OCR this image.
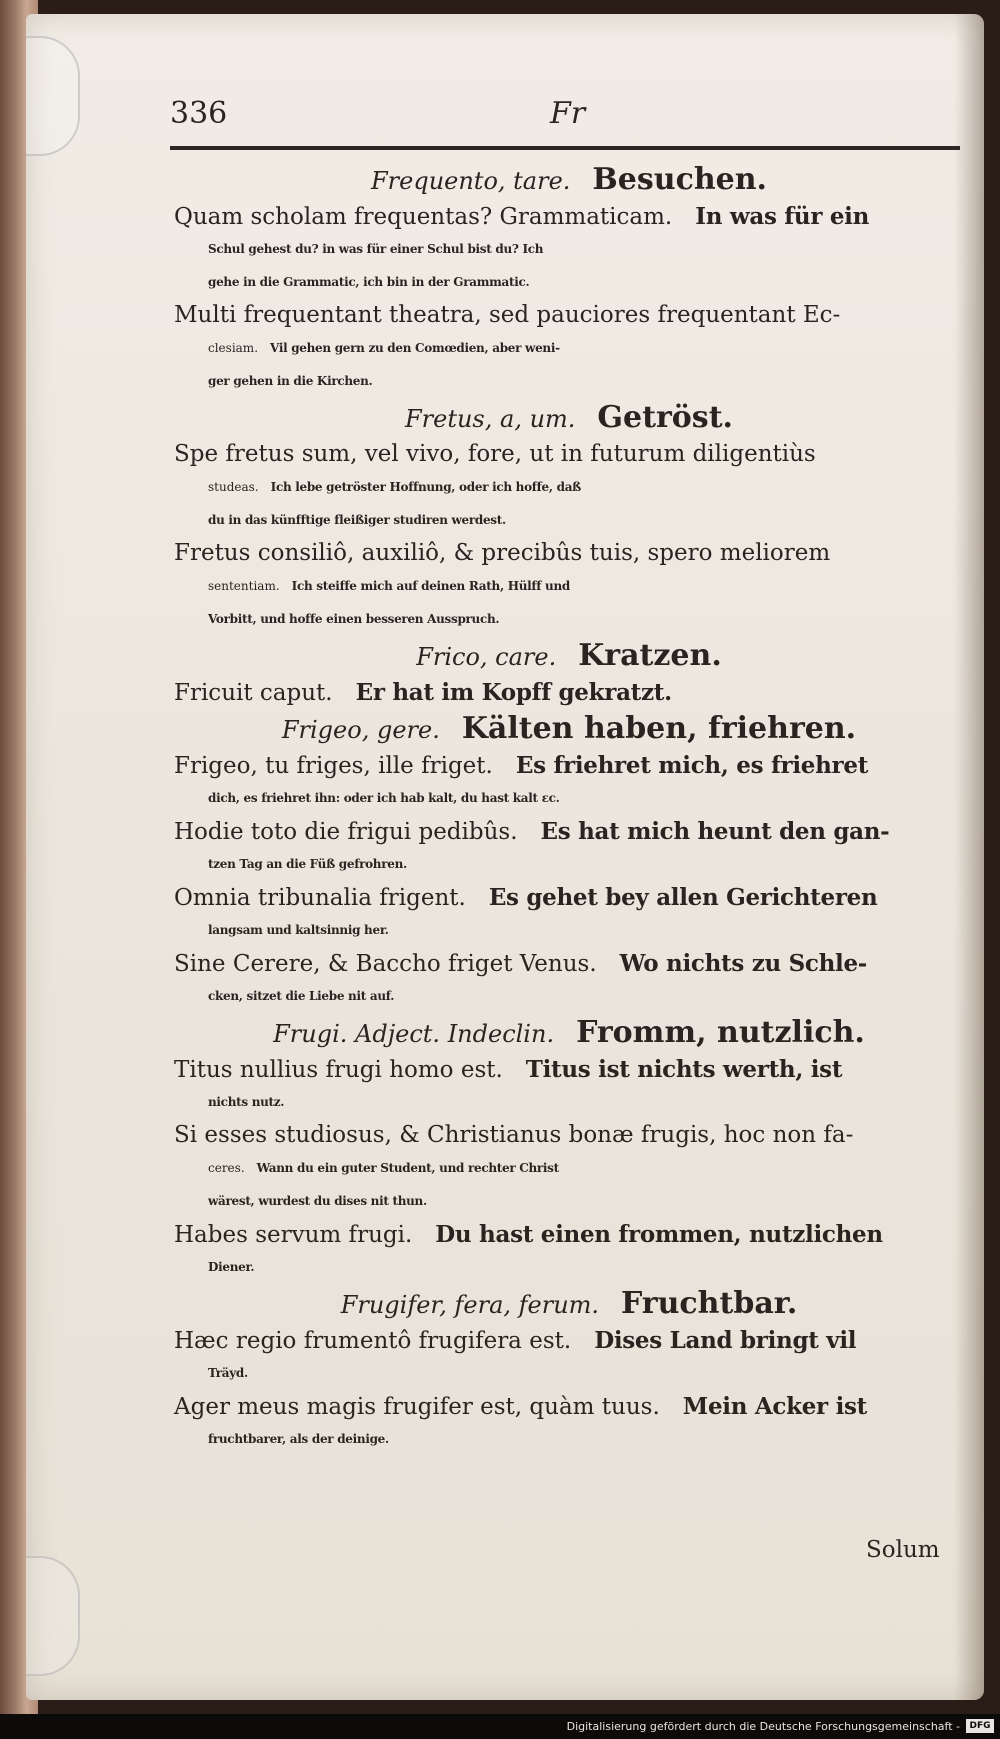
336	Fr
Frequento, tare. Besuchen.
Quam scholam frequentas? Grammaticam.  In was für ein
Schul gehest du? in was für einer Schul bist du? Ich
gehe in die Grammatic, ich bin in der Grammatic.
Multi frequentant theatra, sed pauciores frequentant Ec-
clesiam.  Vil gehen gern zu den Comœdien, aber weni-
ger gehen in die Kirchen.
Fretus, a, um. Getröst.
Spe fretus sum, vel vivo, fore, ut in futurum diligentiùs
studeas.  Ich lebe getröster Hoffnung, oder ich hoffe, daß
du in das künfftige fleißiger studiren werdest.
Fretus consiliô, auxiliô, & precibûs tuis, spero meliorem
sententiam.  Ich steiffe mich auf deinen Rath, Hülff und
Vorbitt, und hoffe einen besseren Ausspruch.
Frico, care. Kratzen.
Fricuit caput.  Er hat im Kopff gekratzt.
Frigeo, gere. Kälten haben, friehren.
Frigeo, tu friges, ille friget.  Es friehret mich, es friehret
dich, es friehret ihn: oder ich hab kalt, du hast kalt ɛc.
Hodie toto die frigui pedibûs.  Es hat mich heunt den gan-
tzen Tag an die Füß gefrohren.
Omnia tribunalia frigent.  Es gehet bey allen Gerichteren
langsam und kaltsinnig her.
Sine Cerere, & Baccho friget Venus.  Wo nichts zu Schle-
cken, sitzet die Liebe nit auf.
Frugi. Adject. Indeclin. Fromm, nutzlich.
Titus nullius frugi homo est.  Titus ist nichts werth, ist
nichts nutz.
Si esses studiosus, & Christianus bonæ frugis, hoc non fa-
ceres.  Wann du ein guter Student, und rechter Christ
wärest, wurdest du dises nit thun.
Habes servum frugi.  Du hast einen frommen, nutzlichen
Diener.
Frugifer, fera, ferum. Fruchtbar.
Hæc regio frumentô frugifera est.  Dises Land bringt vil
Träyd.
Ager meus magis frugifer est, quàm tuus.  Mein Acker ist
fruchtbarer, als der deinige.
Solum
Digitalisierung gefördert durch die Deutsche Forschungsgemeinschaft -	DFG
